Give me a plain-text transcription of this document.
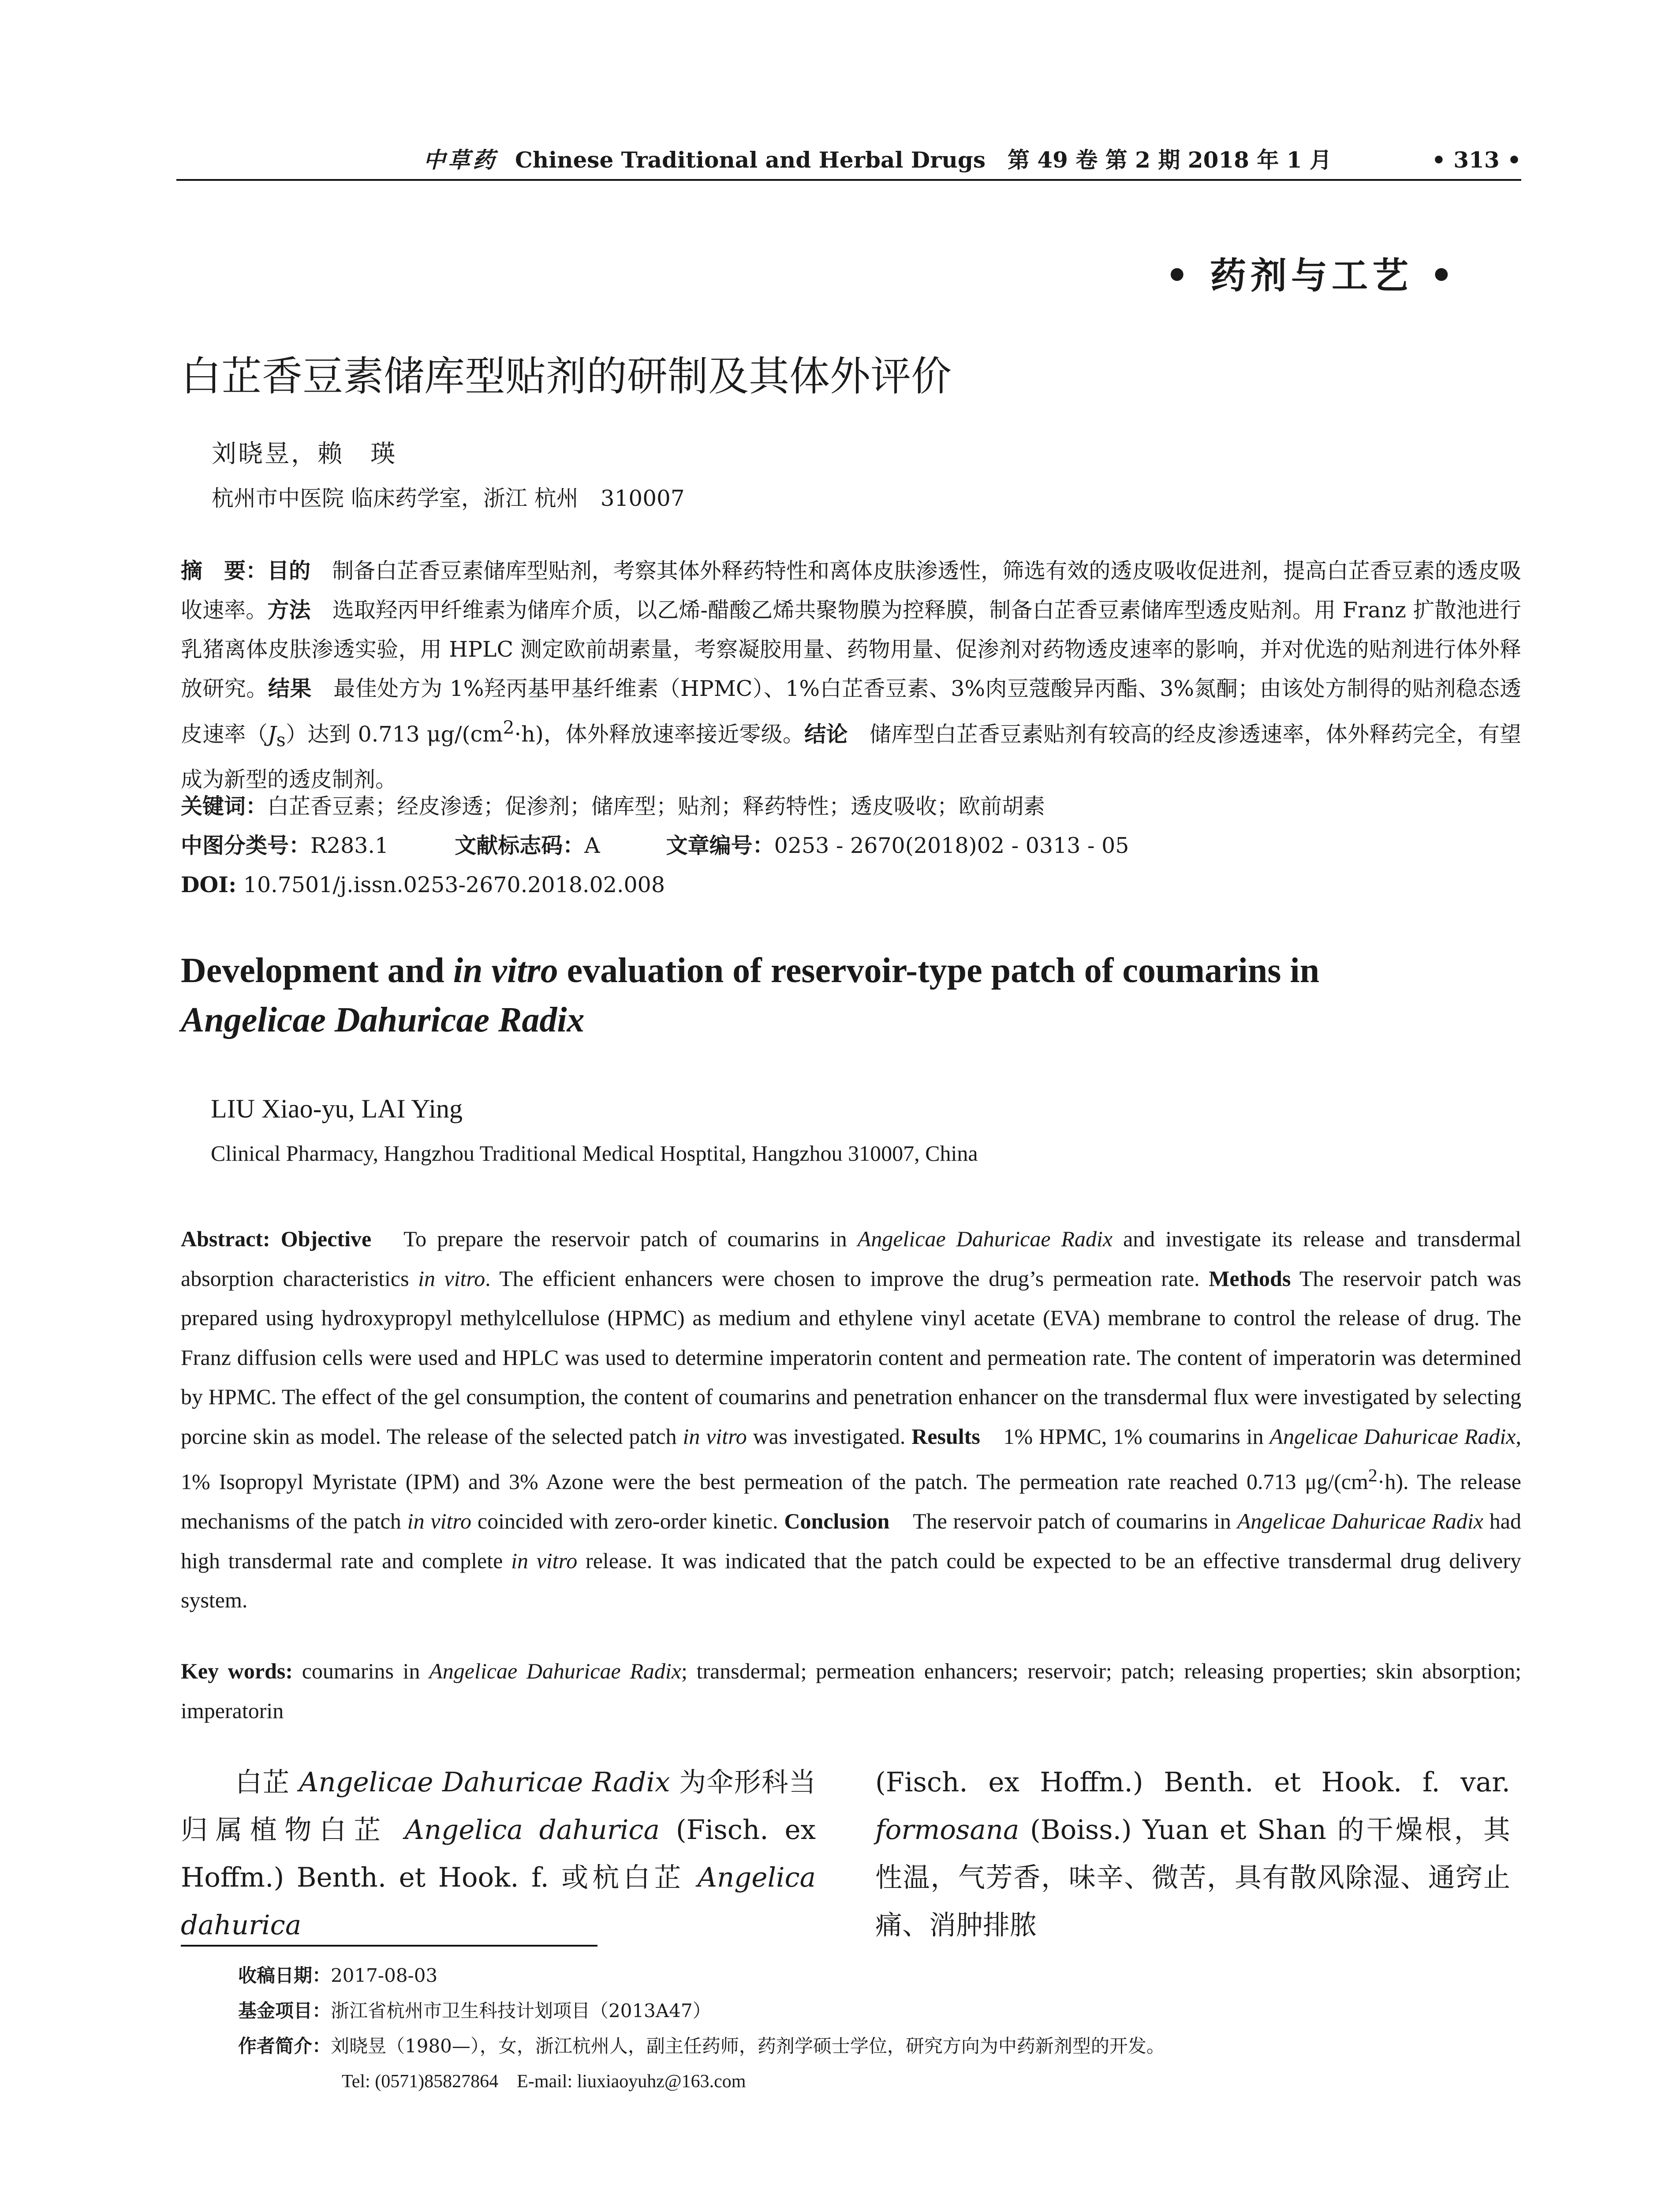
中草药 Chinese Traditional and Herbal Drugs　第 49 卷 第 2 期 2018 年 1 月	• 313 •
• 药剂与工艺 •
白芷香豆素储库型贴剂的研制及其体外评价
刘晓昱，赖　瑛
杭州市中医院 临床药学室，浙江 杭州　310007
摘　要：目的　制备白芷香豆素储库型贴剂，考察其体外释药特性和离体皮肤渗透性，筛选有效的透皮吸收促进剂，提高白芷香豆素的透皮吸收速率。方法　选取羟丙甲纤维素为储库介质，以乙烯-醋酸乙烯共聚物膜为控释膜，制备白芷香豆素储库型透皮贴剂。用 Franz 扩散池进行乳猪离体皮肤渗透实验，用 HPLC 测定欧前胡素量，考察凝胶用量、药物用量、促渗剂对药物透皮速率的影响，并对优选的贴剂进行体外释放研究。结果　最佳处方为 1%羟丙基甲基纤维素（HPMC）、1%白芷香豆素、3%肉豆蔻酸异丙酯、3%氮酮；由该处方制得的贴剂稳态透皮速率$(J_s)$达到 0.713 $\mu g/(cm^2\cdot h)$，体外释放速率接近零级。结论　储库型白芷香豆素贴剂有较高的经皮渗透速率，体外释药完全，有望成为新型的透皮制剂。
关键词：白芷香豆素；经皮渗透；促渗剂；储库型；贴剂；释药特性；透皮吸收；欧前胡素
中图分类号：R283.1	文献标志码：A	文章编号：0253 - 2670(2018)02 - 0313 - 05
DOI: 10.7501/j.issn.0253-2670.2018.02.008
Development and in vitro evaluation of reservoir-type patch of coumarins in
Angelicae Dahuricae Radix
LIU Xiao-yu, LAI Ying
Clinical Pharmacy, Hangzhou Traditional Medical Hosptital, Hangzhou 310007, China
Abstract: Objective　To prepare the reservoir patch of coumarins in Angelicae Dahuricae Radix and investigate its release and transdermal absorption characteristics in vitro. The efficient enhancers were chosen to improve the drug’s permeation rate. Methods The reservoir patch was prepared using hydroxypropyl methylcellulose (HPMC) as medium and ethylene vinyl acetate (EVA) membrane to control the release of drug. The Franz diffusion cells were used and HPLC was used to determine imperatorin content and permeation rate. The content of imperatorin was determined by HPMC. The effect of the gel consumption, the content of coumarins and penetration enhancer on the transdermal flux were investigated by selecting porcine skin as model. The release of the selected patch in vitro was investigated. Results　1% HPMC, 1% coumarins in Angelicae Dahuricae Radix, 1% Isopropyl Myristate (IPM) and 3% Azone were the best permeation of the patch. The permeation rate reached 0.713 $\mu g/(cm^2\cdot h)$. The release mechanisms of the patch in vitro coincided with zero-order kinetic. Conclusion　The reservoir patch of coumarins in Angelicae Dahuricae Radix had high transdermal rate and complete in vitro release. It was indicated that the patch could be expected to be an effective transdermal drug delivery system.
Key words: coumarins in Angelicae Dahuricae Radix; transdermal; permeation enhancers; reservoir; patch; releasing properties; skin absorption; imperatorin
白芷 Angelicae Dahuricae Radix 为伞形科当归属植物白芷 Angelica dahurica (Fisch. ex Hoffm.) Benth. et Hook. f. 或杭白芷 Angelica dahurica
(Fisch. ex Hoffm.) Benth. et Hook. f. var. formosana (Boiss.) Yuan et Shan 的干燥根，其性温，气芳香，味辛、微苦，具有散风除湿、通窍止痛、消肿排脓
收稿日期：2017-08-03
基金项目：浙江省杭州市卫生科技计划项目（2013A47）
作者简介：刘晓昱（1980—），女，浙江杭州人，副主任药师，药剂学硕士学位，研究方向为中药新剂型的开发。
Tel: (0571)85827864　E-mail: liuxiaoyuhz@163.com
